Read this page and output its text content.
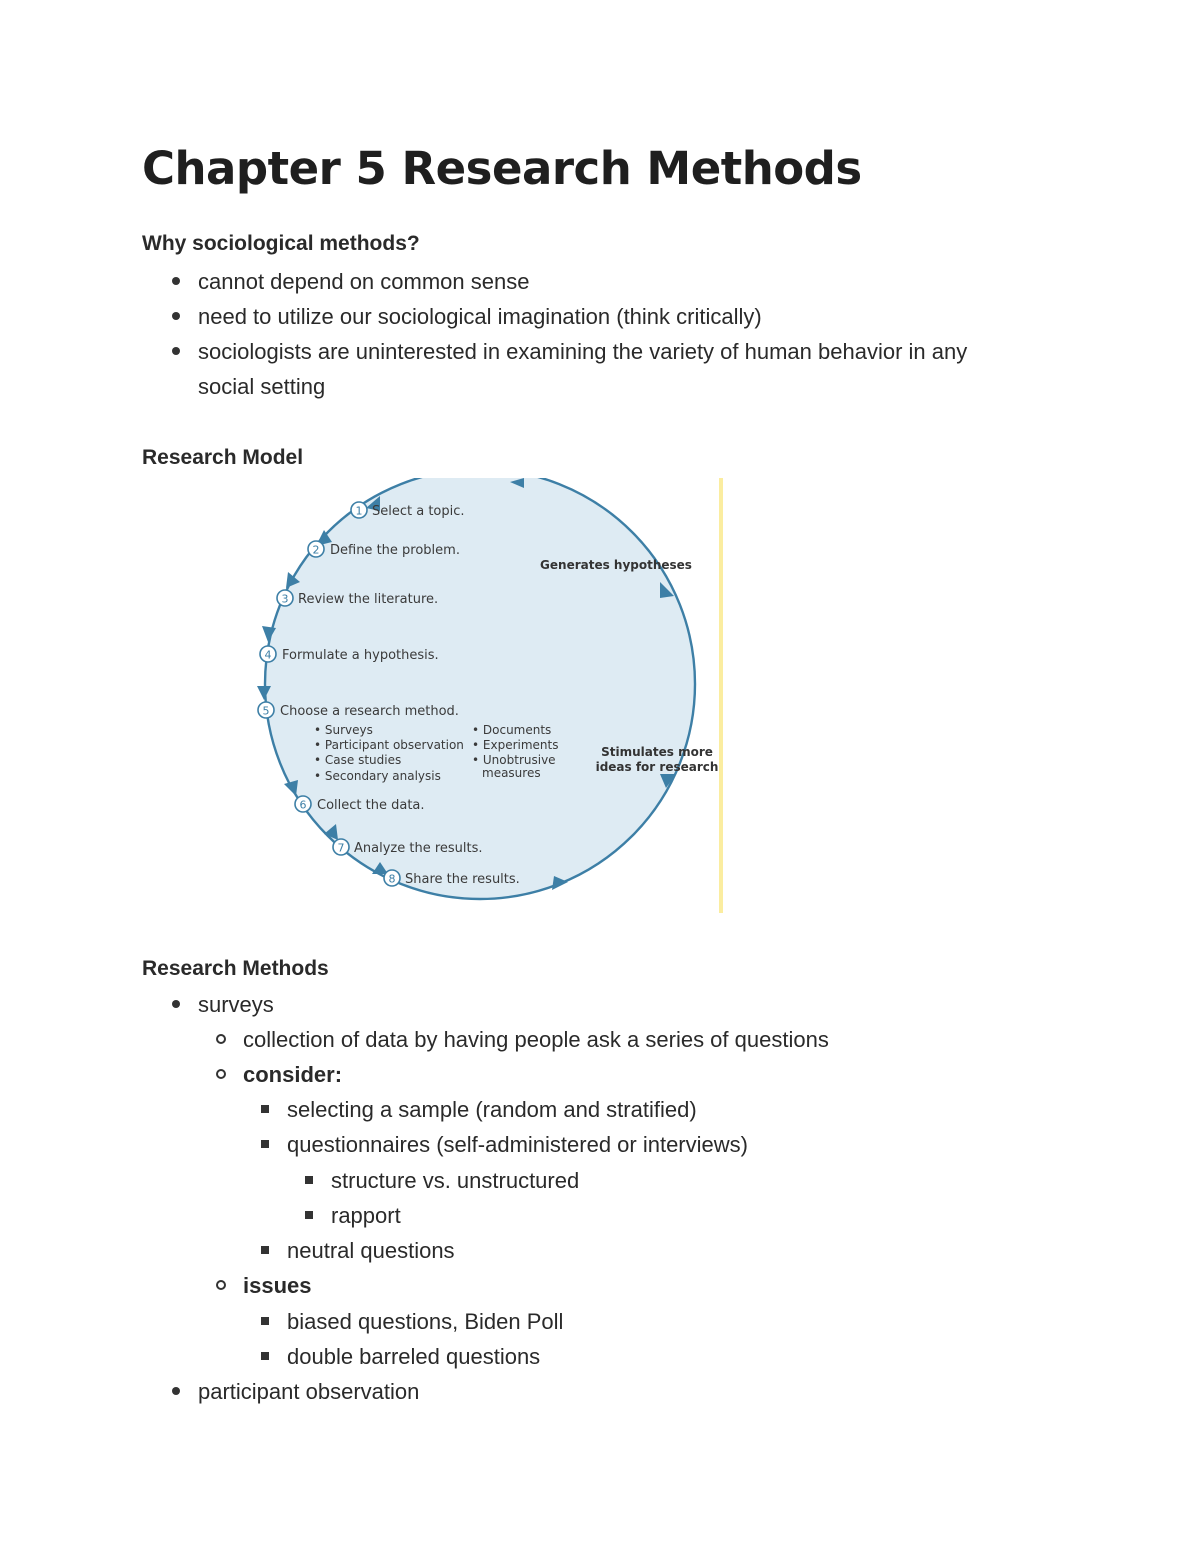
Chapter 5 Research Methods
Why sociological methods?
cannot depend on common sense
need to utilize our sociological imagination (think critically)
sociologists are uninterested in examining the variety of human behavior in any
social setting
Research Model
1 Select a topic.
2 Define the problem.
3 Review the literature.
4 Formulate a hypothesis.
5 Choose a research method.
6 Collect the data.
7 Analyze the results.
8 Share the results.
• Surveys
• Participant observation
• Case studies
• Secondary analysis
• Documents
• Experiments
• Unobtrusive
measures
Generates hypotheses
Stimulates more
ideas for research
Research Methods
surveys
collection of data by having people ask a series of questions
consider:
selecting a sample (random and stratified)
questionnaires (self-administered or interviews)
structure vs. unstructured
rapport
neutral questions
issues
biased questions, Biden Poll
double barreled questions
participant observation
